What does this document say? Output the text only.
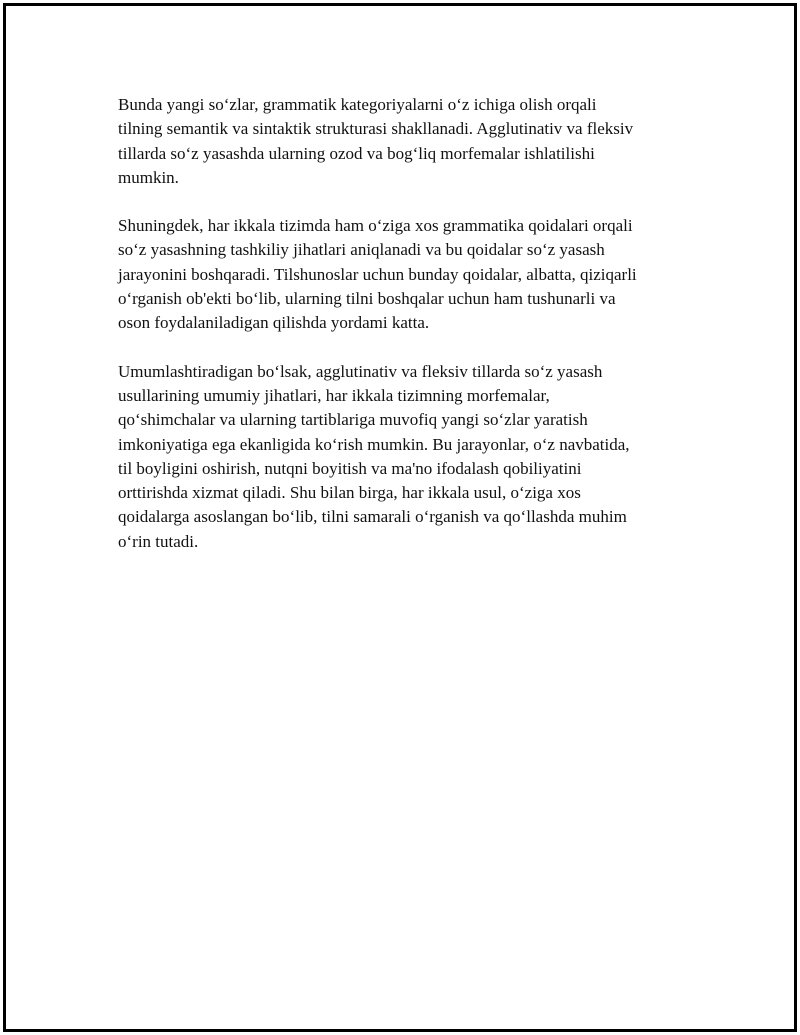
Bunda yangi so‘zlar, grammatik kategoriyalarni o‘z ichiga olish orqali
tilning semantik va sintaktik strukturasi shakllanadi. Agglutinativ va fleksiv
tillarda so‘z yasashda ularning ozod va bog‘liq morfemalar ishlatilishi
mumkin.

Shuningdek, har ikkala tizimda ham o‘ziga xos grammatika qoidalari orqali
so‘z yasashning tashkiliy jihatlari aniqlanadi va bu qoidalar so‘z yasash
jarayonini boshqaradi. Tilshunoslar uchun bunday qoidalar, albatta, qiziqarli
o‘rganish ob'ekti bo‘lib, ularning tilni boshqalar uchun ham tushunarli va
oson foydalaniladigan qilishda yordami katta.

Umumlashtiradigan bo‘lsak, agglutinativ va fleksiv tillarda so‘z yasash
usullarining umumiy jihatlari, har ikkala tizimning morfemalar,
qo‘shimchalar va ularning tartiblariga muvofiq yangi so‘zlar yaratish
imkoniyatiga ega ekanligida ko‘rish mumkin. Bu jarayonlar, o‘z navbatida,
til boyligini oshirish, nutqni boyitish va ma'no ifodalash qobiliyatini
orttirishda xizmat qiladi. Shu bilan birga, har ikkala usul, o‘ziga xos
qoidalarga asoslangan bo‘lib, tilni samarali o‘rganish va qo‘llashda muhim
o‘rin tutadi.
